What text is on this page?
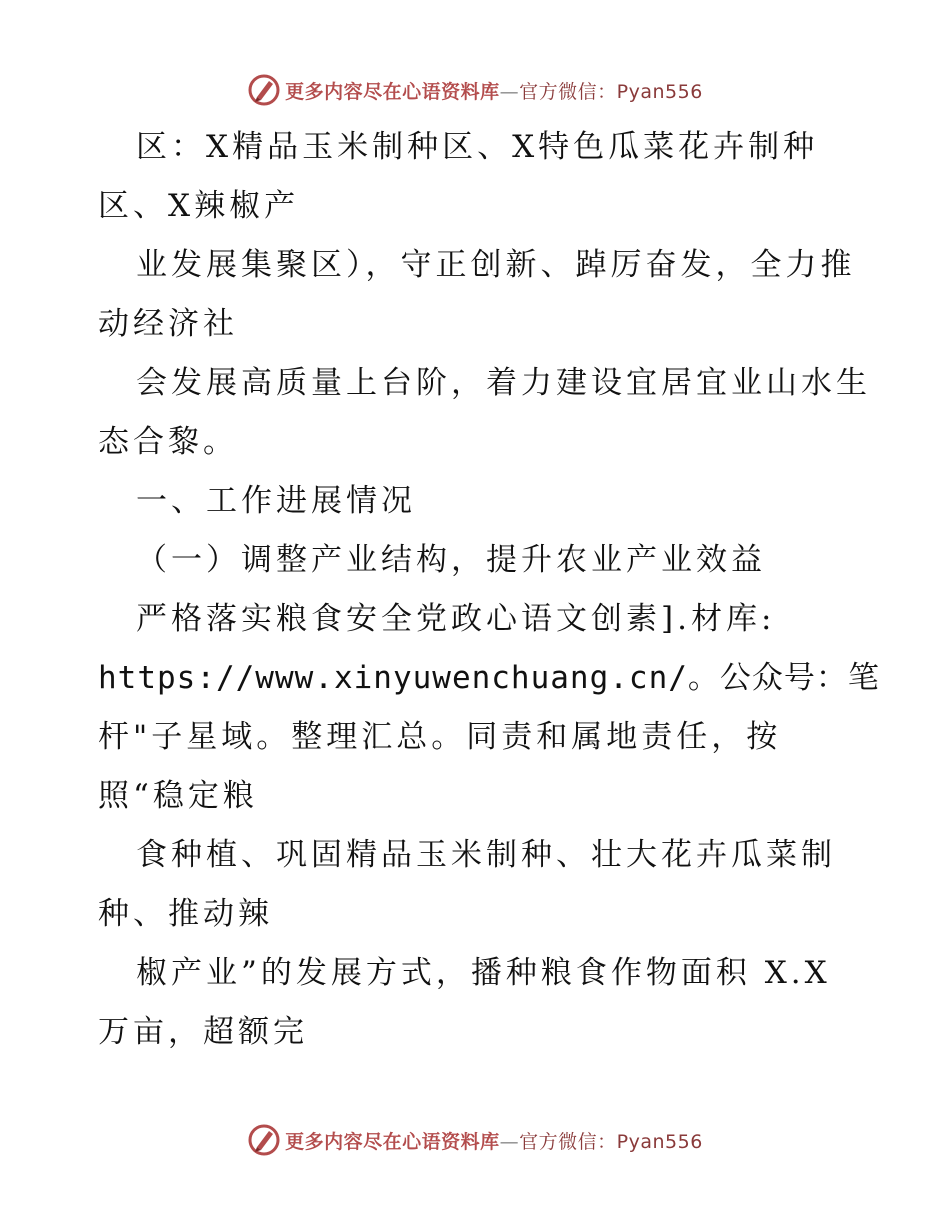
更多内容尽在心语资料库—官方微信：Pyan556
区：X精品玉米制种区、X特色瓜菜花卉制种
区、X辣椒产
业发展集聚区），守正创新、踔厉奋发，全力推
动经济社
会发展高质量上台阶，着力建设宜居宜业山水生
态合黎。
一、工作进展情况
（一）调整产业结构，提升农业产业效益
严格落实粮食安全党政心语文创素].材库:
https://www.xinyuwenchuang.cn/。公众号：笔
杆"子星域。整理汇总。同责和属地责任，按
照“稳定粮
食种植、巩固精品玉米制种、壮大花卉瓜菜制
种、推动辣
椒产业”的发展方式，播种粮食作物面积 X.X
万亩，超额完
更多内容尽在心语资料库—官方微信：Pyan556
